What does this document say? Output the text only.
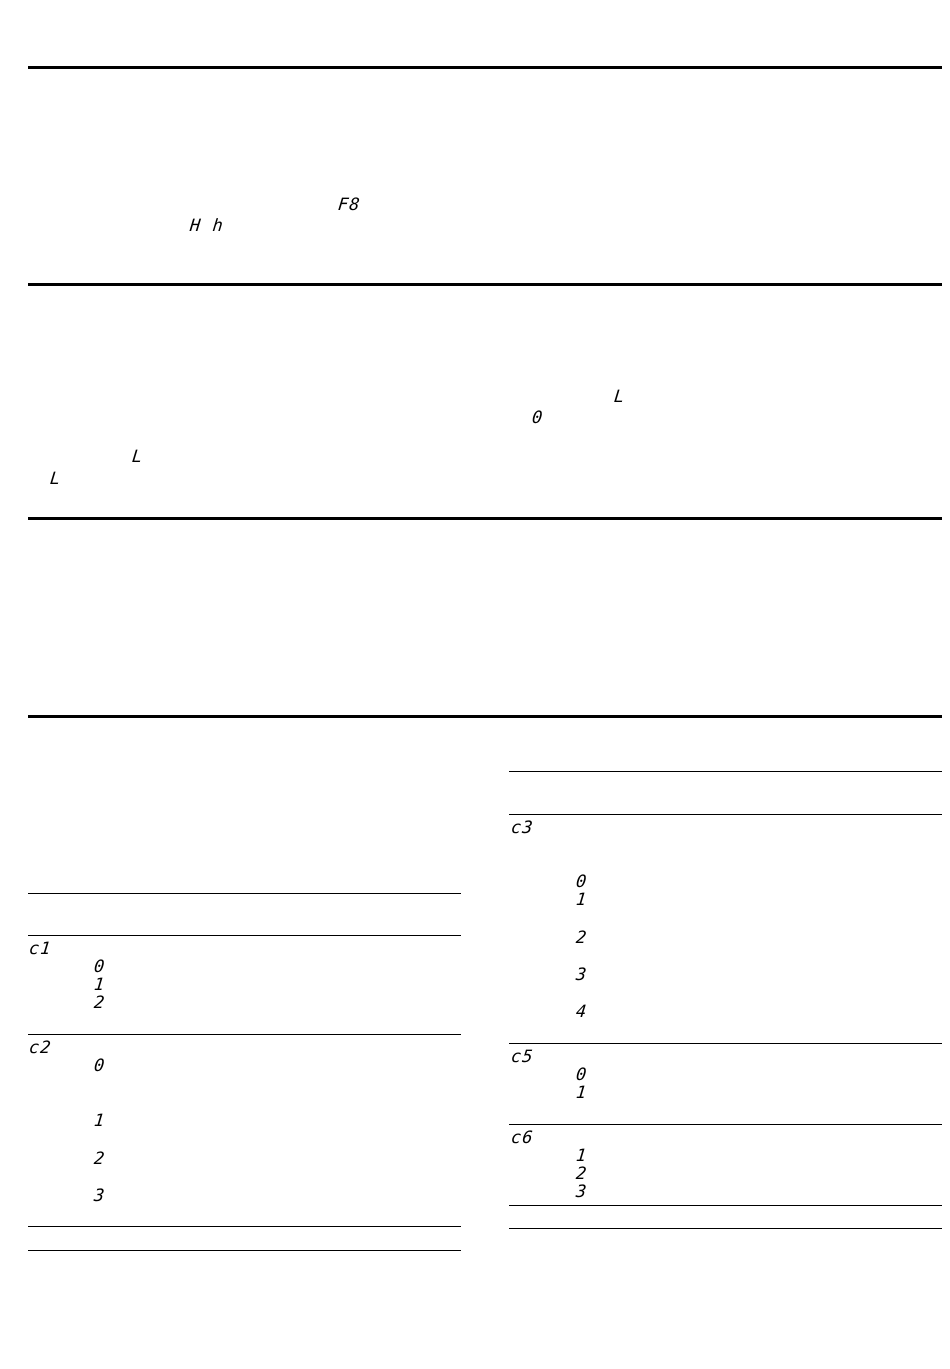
F8
H h
L
0
L
L
c1
0
1
2
c2
0
1
2
3
c3
0
1
2
3
4
c5
0
1
c6
1
2
3
